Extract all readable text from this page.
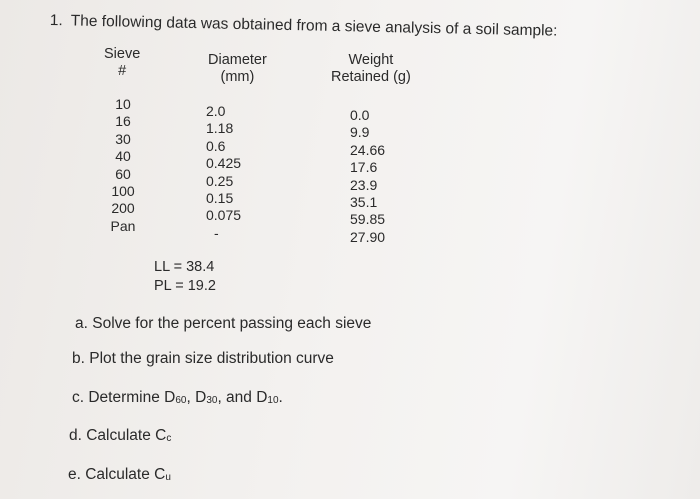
1. The following data was obtained from a sieve analysis of a soil sample:
Sieve
#
Diameter
(mm)
Weight
Retained (g)
10
16
30
40
60
100
200
Pan
2.0
1.18
0.6
0.425
0.25
0.15
0.075
-
0.0
9.9
24.66
17.6
23.9
35.1
59.85
27.90
LL = 38.4
PL = 19.2
a. Solve for the percent passing each sieve
b. Plot the grain size distribution curve
c. Determine D60, D30, and D10.
d. Calculate Cc
e. Calculate Cu
